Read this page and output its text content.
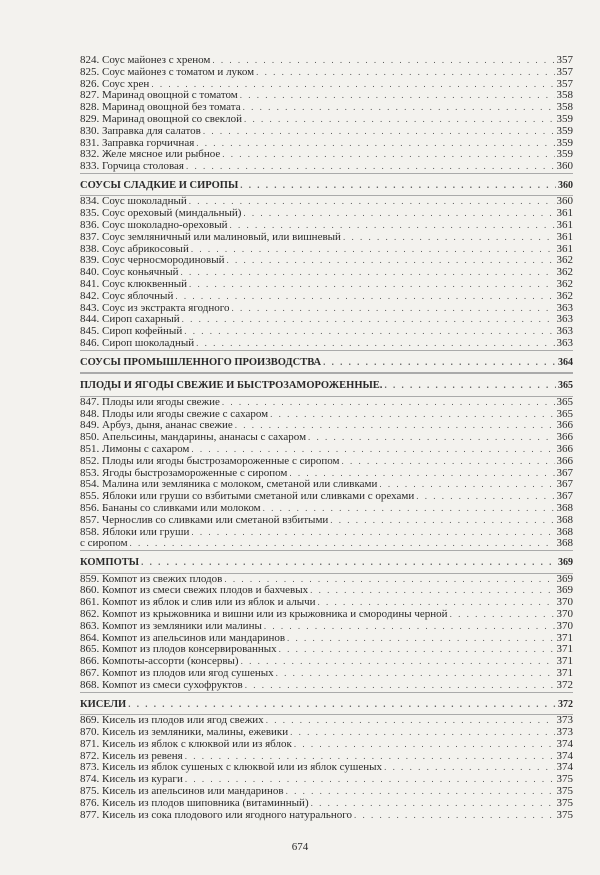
824. Соус майонез с хреном . . .	357
825. Соус майонез с томатом и луком . . .	357
826. Соус хрен . . .	357
827. Маринад овощной с томатом . . .	358
828. Маринад овощной без томата . . .	358
829. Маринад овощной со свеклой . . .	359
830. Заправка для салатов . . .	359
831. Заправка горчичная . . .	359
832. Желе мясное или рыбное . . .	359
833. Горчица столовая . . .	360
СОУСЫ СЛАДКИЕ И СИРОПЫ . . .	360
834. Соус шоколадный . . .	360
835. Соус ореховый (миндальный) . . .	361
836. Соус шоколадно-ореховый . . .	361
837. Соус земляничный или малиновый, или вишневый . . .	361
838. Соус абрикосовый . . .	361
839. Соус черносмородиновый . . .	362
840. Соус коньячный . . .	362
841. Соус клюквенный . . .	362
842. Соус яблочный . . .	362
843. Соус из экстракта ягодного . . .	363
844. Сироп сахарный . . .	363
845. Сироп кофейный . . .	363
846. Сироп шоколадный . . .	363
СОУСЫ ПРОМЫШЛЕННОГО ПРОИЗВОДСТВА . . .	364
ПЛОДЫ И ЯГОДЫ СВЕЖИЕ И БЫСТРОЗАМОРОЖЕННЫЕ. . . .	365
847. Плоды или ягоды свежие . . .	365
848. Плоды или ягоды свежие с сахаром . . .	365
849. Арбуз, дыня, ананас свежие . . .	366
850. Апельсины, мандарины, ананасы с сахаром . . .	366
851. Лимоны с сахаром . . .	366
852. Плоды или ягоды быстрозамороженные с сиропом . . .	366
853. Ягоды быстрозамороженные с сиропом . . .	367
854. Малина или земляника с молоком, сметаной или сливками . . .	367
855. Яблоки или груши со взбитыми сметаной или сливками с орехами . . .	367
856. Бананы со сливками или молоком . . .	368
857. Чернослив со сливками или сметаной взбитыми . . .	368
858. Яблоки или груши . . .	368
с сиропом . . .	368
КОМПОТЫ . . .	369
859. Компот из свежих плодов . . .	369
860. Компот из смеси свежих плодов и бахчевых . . .	369
861. Компот из яблок и слив или из яблок и алычи . . .	370
862. Компот из крыжовника и вишни или из крыжовника и смородины черной . . .	370
863. Компот из земляники или малины . . .	370
864. Компот из апельсинов или мандаринов . . .	371
865. Компот из плодов консервированных . . .	371
866. Компоты-ассорти (консервы) . . .	371
867. Компот из плодов или ягод сушеных . . .	371
868. Компот из смеси сухофруктов . . .	372
КИСЕЛИ . . .	372
869. Кисель из плодов или ягод свежих . . .	373
870. Кисель из земляники, малины, ежевики . . .	373
871. Кисель из яблок с клюквой или из яблок . . .	374
872. Кисель из ревеня . . .	374
873. Кисель из яблок сушеных с клюквой или из яблок сушеных . . .	374
874. Кисель из кураги . . .	375
875. Кисель из апельсинов или мандаринов . . .	375
876. Кисель из плодов шиповника (витаминный) . . .	375
877. Кисель из сока плодового или ягодного натурального . . .	375
674
